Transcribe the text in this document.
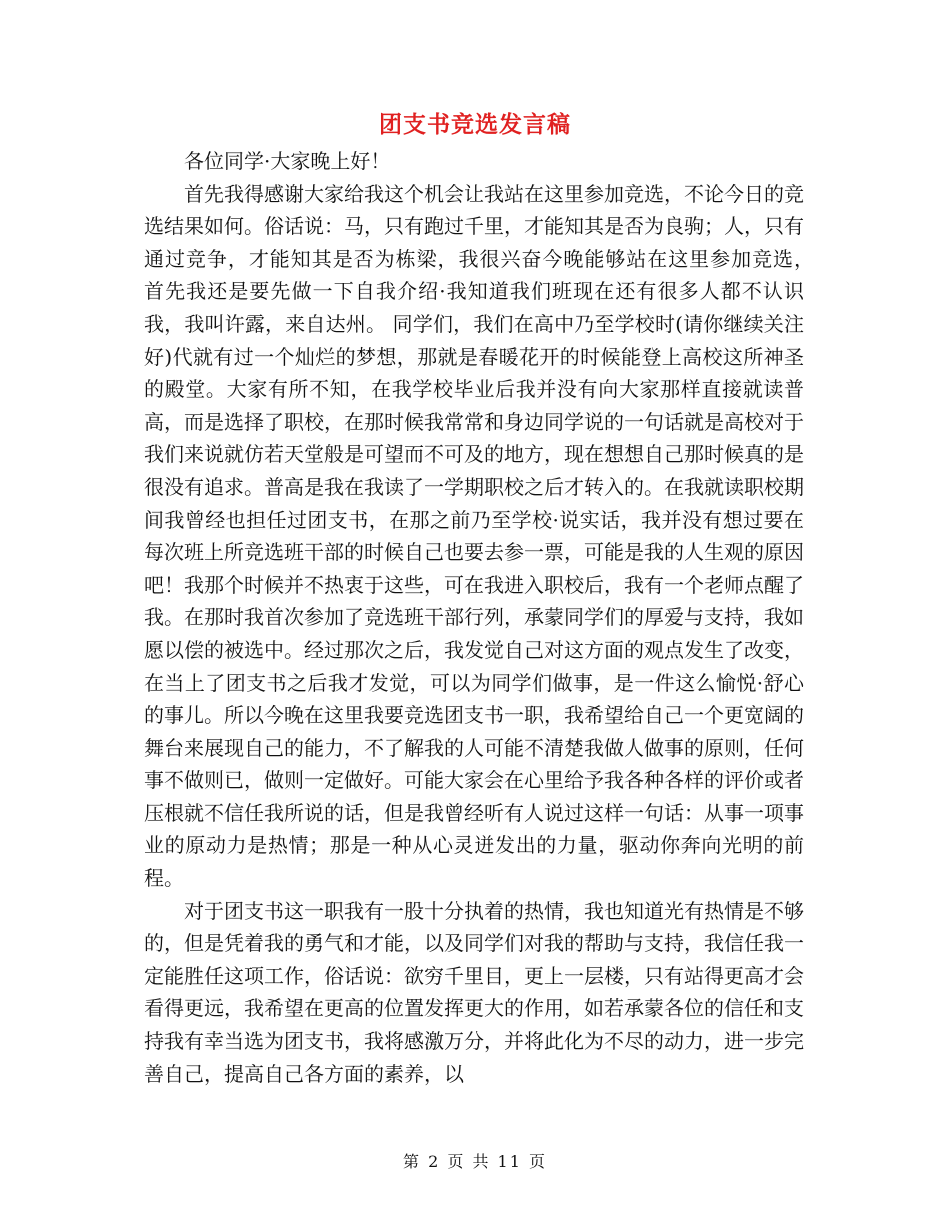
团支书竞选发言稿

各位同学·大家晚上好！

首先我得感谢大家给我这个机会让我站在这里参加竞选，不论今日的竞选结果如何。俗话说：马，只有跑过千里，才能知其是否为良驹；人，只有通过竞争，才能知其是否为栋梁，我很兴奋今晚能够站在这里参加竞选，　首先我还是要先做一下自我介绍·我知道我们班现在还有很多人都不认识我，我叫许露，来自达州。 同学们，我们在高中乃至学校时(请你继续关注好)代就有过一个灿烂的梦想，那就是春暖花开的时候能登上高校这所神圣的殿堂。大家有所不知，在我学校毕业后我并没有向大家那样直接就读普高，而是选择了职校，在那时候我常常和身边同学说的一句话就是高校对于我们来说就仿若天堂般是可望而不可及的地方，现在想想自己那时候真的是很没有追求。普高是我在我读了一学期职校之后才转入的。在我就读职校期间我曾经也担任过团支书，在那之前乃至学校·说实话，我并没有想过要在每次班上所竞选班干部的时候自己也要去参一票，可能是我的人生观的原因吧！我那个时候并不热衷于这些，可在我进入职校后，我有一个老师点醒了我。在那时我首次参加了竞选班干部行列，承蒙同学们的厚爱与支持，我如愿以偿的被选中。经过那次之后，我发觉自己对这方面的观点发生了改变，在当上了团支书之后我才发觉，可以为同学们做事，是一件这么愉悦·舒心的事儿。所以今晚在这里我要竞选团支书一职，我希望给自己一个更宽阔的舞台来展现自己的能力，不了解我的人可能不清楚我做人做事的原则，任何事不做则已，做则一定做好。可能大家会在心里给予我各种各样的评价或者压根就不信任我所说的话，但是我曾经听有人说过这样一句话：从事一项事业的原动力是热情；那是一种从心灵迸发出的力量，驱动你奔向光明的前程。

对于团支书这一职我有一股十分执着的热情，我也知道光有热情是不够的，但是凭着我的勇气和才能，以及同学们对我的帮助与支持，我信任我一定能胜任这项工作，俗话说：欲穷千里目，更上一层楼，只有站得更高才会看得更远，我希望在更高的位置发挥更大的作用，如若承蒙各位的信任和支持我有幸当选为团支书，我将感激万分，并将此化为不尽的动力，进一步完善自己，提高自己各方面的素养，以

第 2 页 共 11 页
